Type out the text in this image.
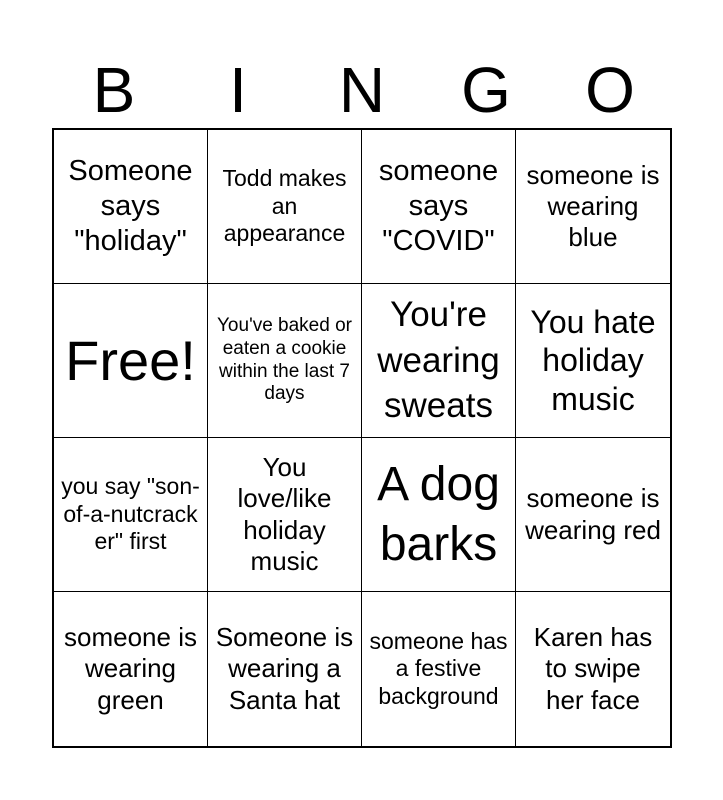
B	I	N	G	O
Someone says "holiday"
Todd makes an appearance
someone says "COVID"
someone is wearing blue
Free!
You've baked or eaten a cookie within the last 7 days
You're wearing sweats
You hate holiday music
you say "son-of-a-nutcracker" first
You love/like holiday music
A dog barks
someone is wearing red
someone is wearing green
Someone is wearing a Santa hat
someone has a festive background
Karen has to swipe her face
